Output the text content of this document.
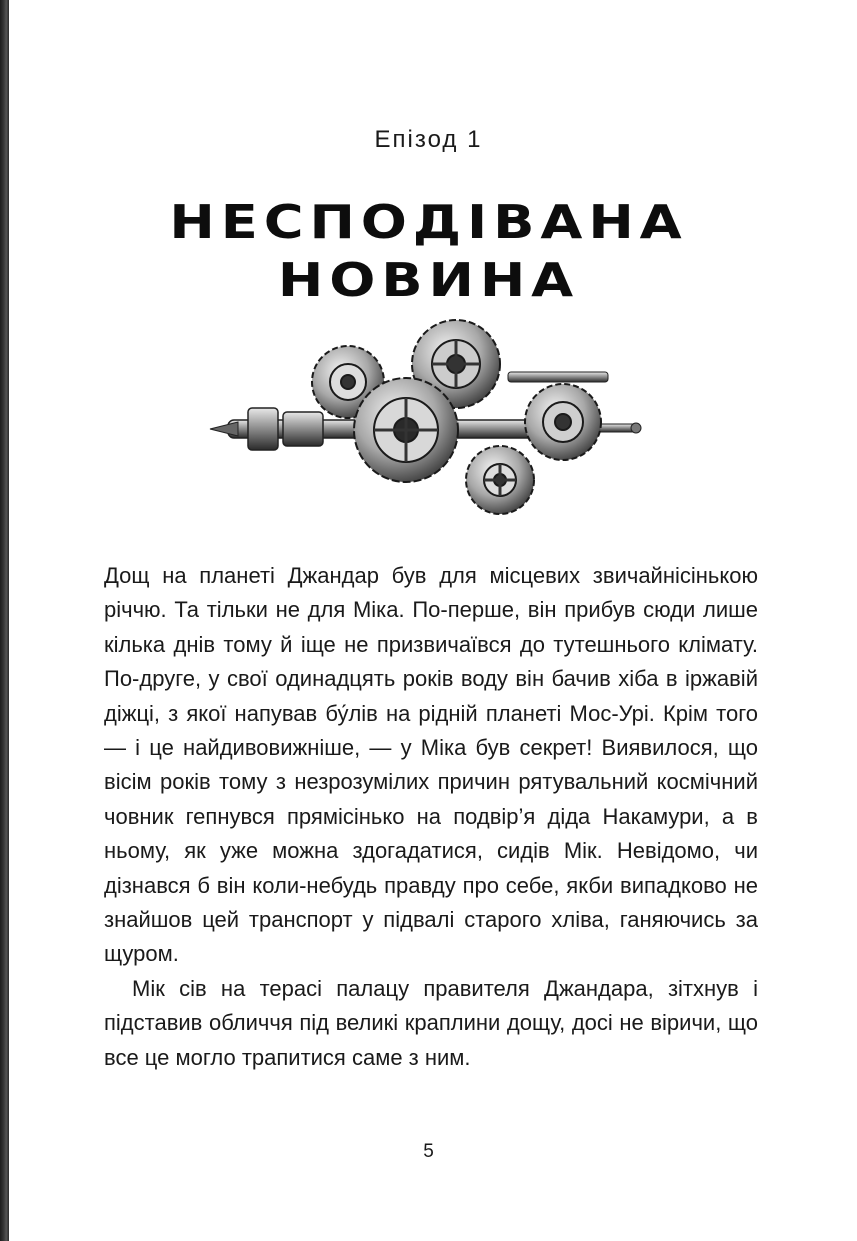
Епізод 1
НЕСПОДІВАНА
НОВИНА

Дощ на планеті Джандар був для місцевих звичайнісінькою річчю. Та тільки не для Міка. По-перше, він прибув сюди лише кілька днів тому й іще не призвичаївся до тутешнього клімату. По-друге, у свої одинадцять років воду він бачив хіба в іржавій діжці, з якої напував бу́лів на рідній планеті Мос-Урі. Крім того — і це найдивовижніше, — у Міка був секрет! Виявилося, що вісім років тому з незрозумілих причин рятувальний космічний човник гепнувся прямісінько на подвір’я діда Накамури, а в ньому, як уже можна здогадатися, сидів Мік. Невідомо, чи дізнався б він коли-небудь правду про себе, якби випадково не знайшов цей транспорт у підвалі старого хліва, ганяючись за щуром.

Мік сів на терасі палацу правителя Джандара, зітхнув і підставив обличчя під великі краплини дощу, досі не віричи, що все це могло трапитися саме з ним.

5
